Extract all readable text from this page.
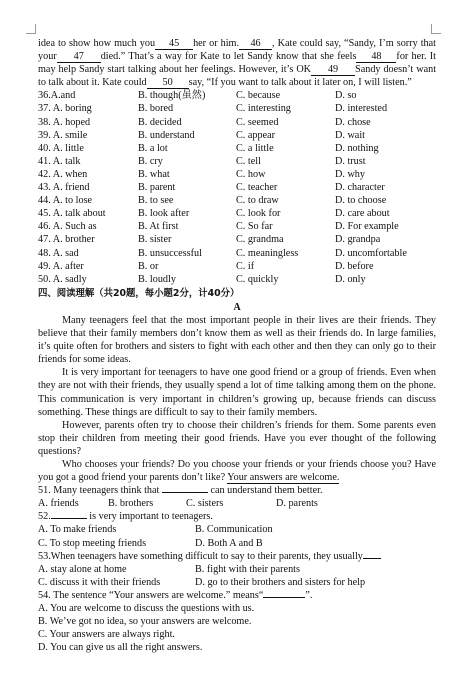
idea to show how much you 45 her or him. 46 , Kate could say, “Sandy, I’m sorry that your 47 died.” That’s a way for Kate to let Sandy know that she feels 48 for her. It may help Sandy start talking about her feelings. However, it’s OK 49 Sandy doesn’t want to talk about it. Kate could 50 say, “If you want to talk about it later on, I will listen.”

36.A.and	B. though(虽然)	C. because	D. so
37. A. boring	B. bored	C. interesting	D. interested
38. A. hoped	B. decided	C. seemed	D. chose
39. A. smile	B. understand	C. appear	D. wait
40. A. little	B. a lot	C. a little	D. nothing
41. A. talk	B. cry	C. tell	D. trust
42. A. when	B. what	C. how	D. why
43. A. friend	B. parent	C. teacher	D. character
44. A. to lose	B. to see	C. to draw	D. to choose
45. A. talk about	B. look after	C. look for	D. care about
46. A. Such as	B. At first	C. So far	D. For example
47. A. brother	B. sister	C. grandma	D. grandpa
48. A. sad	B. unsuccessful	C. meaningless	D. uncomfortable
49. A. after	B. or	C. if	D. before
50. A. sadly	B. loudly	C. quickly	D. only
四、阅读理解（共20题，每小题2分，计40分）
A

Many teenagers feel that the most important people in their lives are their friends. They believe that their family members don’t know them as well as their friends do. In large families, it’s quite often for brothers and sisters to fight with each other and then they can only go to their friends for some ideas.

It is very important for teenagers to have one good friend or a group of friends. Even when they are not with their friends, they usually spend a lot of time talking among them on the phone. This communication is very important in children’s growing up, because friends can discuss something. These things are difficult to say to their family members.

However, parents often try to choose their children’s friends for them. Some parents even stop their children from meeting their good friends. Have you ever thought of the following questions?

Who chooses your friends? Do you choose your friends or your friends choose you? Have you got a good friend your parents don’t like? Your answers are welcome.

51. Many teenagers think that	can understand them better.
A. friends	B. brothers	C. sisters	D. parents
52.	is very important to teenagers.
A. To make friends	B. Communication
C. To stop meeting friends	D. Both A and B
53.When teenagers have something difficult to say to their parents, they usually
A. stay alone at home	B. fight with their parents
C. discuss it with their friends	D. go to their brothers and sisters for help
54. The sentence “Your answers are welcome.” means“	”.
A. You are welcome to discuss the questions with us.
B. We’ve got no idea, so your answers are welcome.
C. Your answers are always right.
D. You can give us all the right answers.
